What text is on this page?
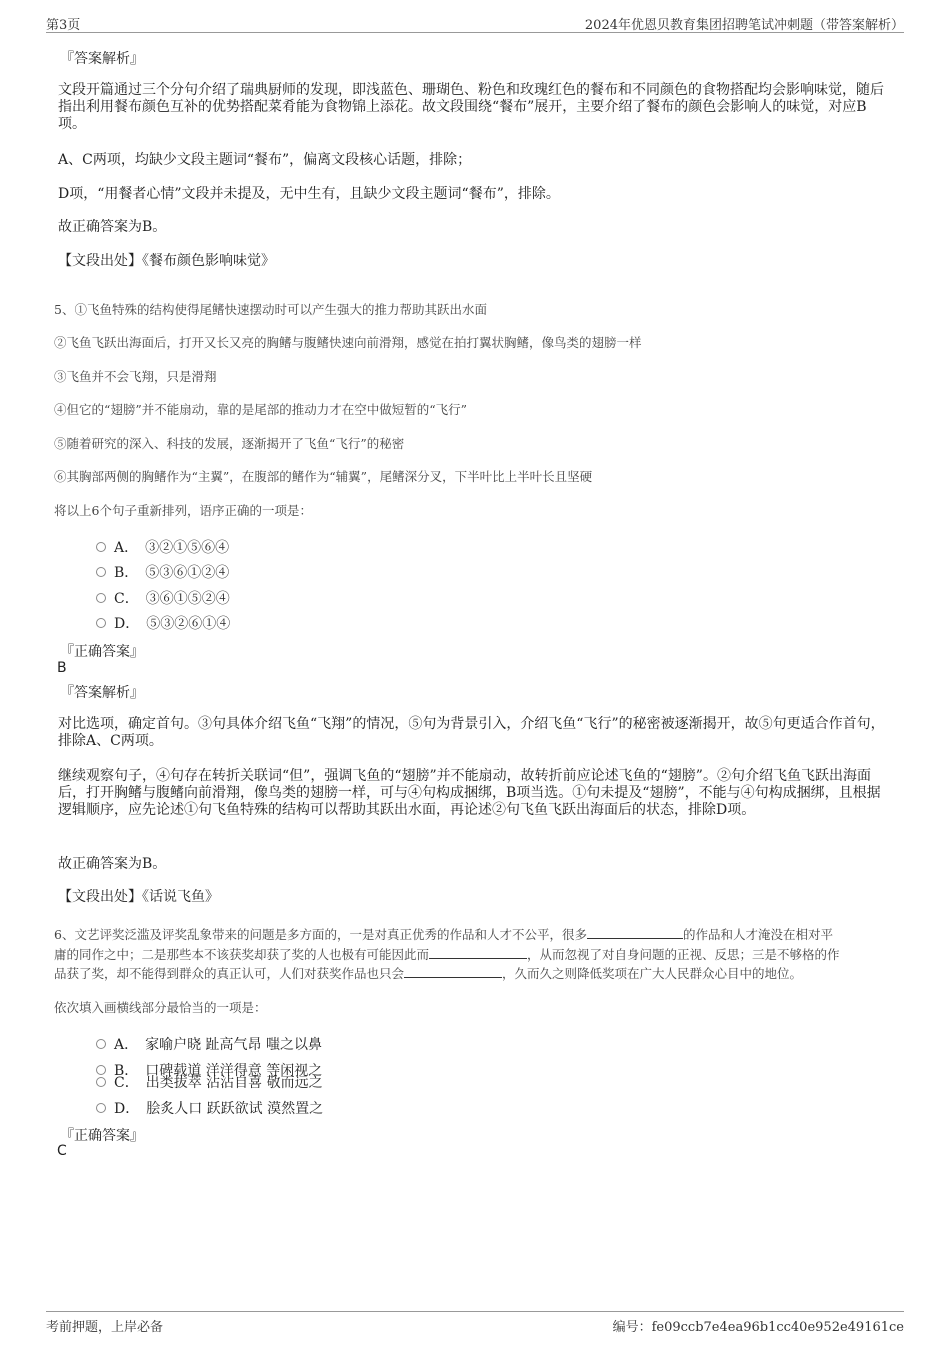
第3页	2024年优恩贝教育集团招聘笔试冲刺题（带答案解析）
『答案解析』
文段开篇通过三个分句介绍了瑞典厨师的发现，即浅蓝色、珊瑚色、粉色和玫瑰红色的餐布和不同颜色的食物搭配均会影响味觉，随后指出利用餐布颜色互补的优势搭配菜肴能为食物锦上添花。故文段围绕“餐布”展开，主要介绍了餐布的颜色会影响人的味觉，对应B项。
A、C两项，均缺少文段主题词“餐布”，偏离文段核心话题，排除；
D项，“用餐者心情”文段并未提及，无中生有，且缺少文段主题词“餐布”，排除。
故正确答案为B。
【文段出处】《餐布颜色影响味觉》
5、①飞鱼特殊的结构使得尾鳍快速摆动时可以产生强大的推力帮助其跃出水面
②飞鱼飞跃出海面后，打开又长又亮的胸鳍与腹鳍快速向前滑翔，感觉在拍打翼状胸鳍，像鸟类的翅膀一样
③飞鱼并不会飞翔，只是滑翔
④但它的“翅膀”并不能扇动，靠的是尾部的推动力才在空中做短暂的“飞行”
⑤随着研究的深入、科技的发展，逐渐揭开了飞鱼“飞行”的秘密
⑥其胸部两侧的胸鳍作为“主翼”，在腹部的鳍作为“辅翼”，尾鳍深分叉，下半叶比上半叶长且坚硬
将以上6个句子重新排列，语序正确的一项是：
A．　③②①⑤⑥④
B．　⑤③⑥①②④
C．　③⑥①⑤②④
D．　⑤③②⑥①④
『正确答案』
B
『答案解析』
对比选项，确定首句。③句具体介绍飞鱼“飞翔”的情况，⑤句为背景引入，介绍飞鱼“飞行”的秘密被逐渐揭开，故⑤句更适合作首句，排除A、C两项。
继续观察句子，④句存在转折关联词“但”，强调飞鱼的“翅膀”并不能扇动，故转折前应论述飞鱼的“翅膀”。②句介绍飞鱼飞跃出海面后，打开胸鳍与腹鳍向前滑翔，像鸟类的翅膀一样，可与④句构成捆绑，B项当选。①句未提及“翅膀”，不能与④句构成捆绑，且根据逻辑顺序，应先论述①句飞鱼特殊的结构可以帮助其跃出水面，再论述②句飞鱼飞跃出海面后的状态，排除D项。
故正确答案为B。
【文段出处】《话说飞鱼》
6、文艺评奖泛滥及评奖乱象带来的问题是多方面的，一是对真正优秀的作品和人才不公平，很多	的作品和人才淹没在相对平
庸的同作之中；二是那些本不该获奖却获了奖的人也极有可能因此而	，从而忽视了对自身问题的正视、反思；三是不够格的作
品获了奖，却不能得到群众的真正认可，人们对获奖作品也只会	，久而久之则降低奖项在广大人民群众心目中的地位。
依次填入画横线部分最恰当的一项是：
A．　家喻户晓 趾高气昂 嗤之以鼻
B．　口碑载道 洋洋得意 等闲视之
C．　出类拔萃 沾沾自喜 敬而远之
D．　脍炙人口 跃跃欲试 漠然置之
『正确答案』
C
考前押题，上岸必备	编号：fe09ccb7e4ea96b1cc40e952e49161ce
